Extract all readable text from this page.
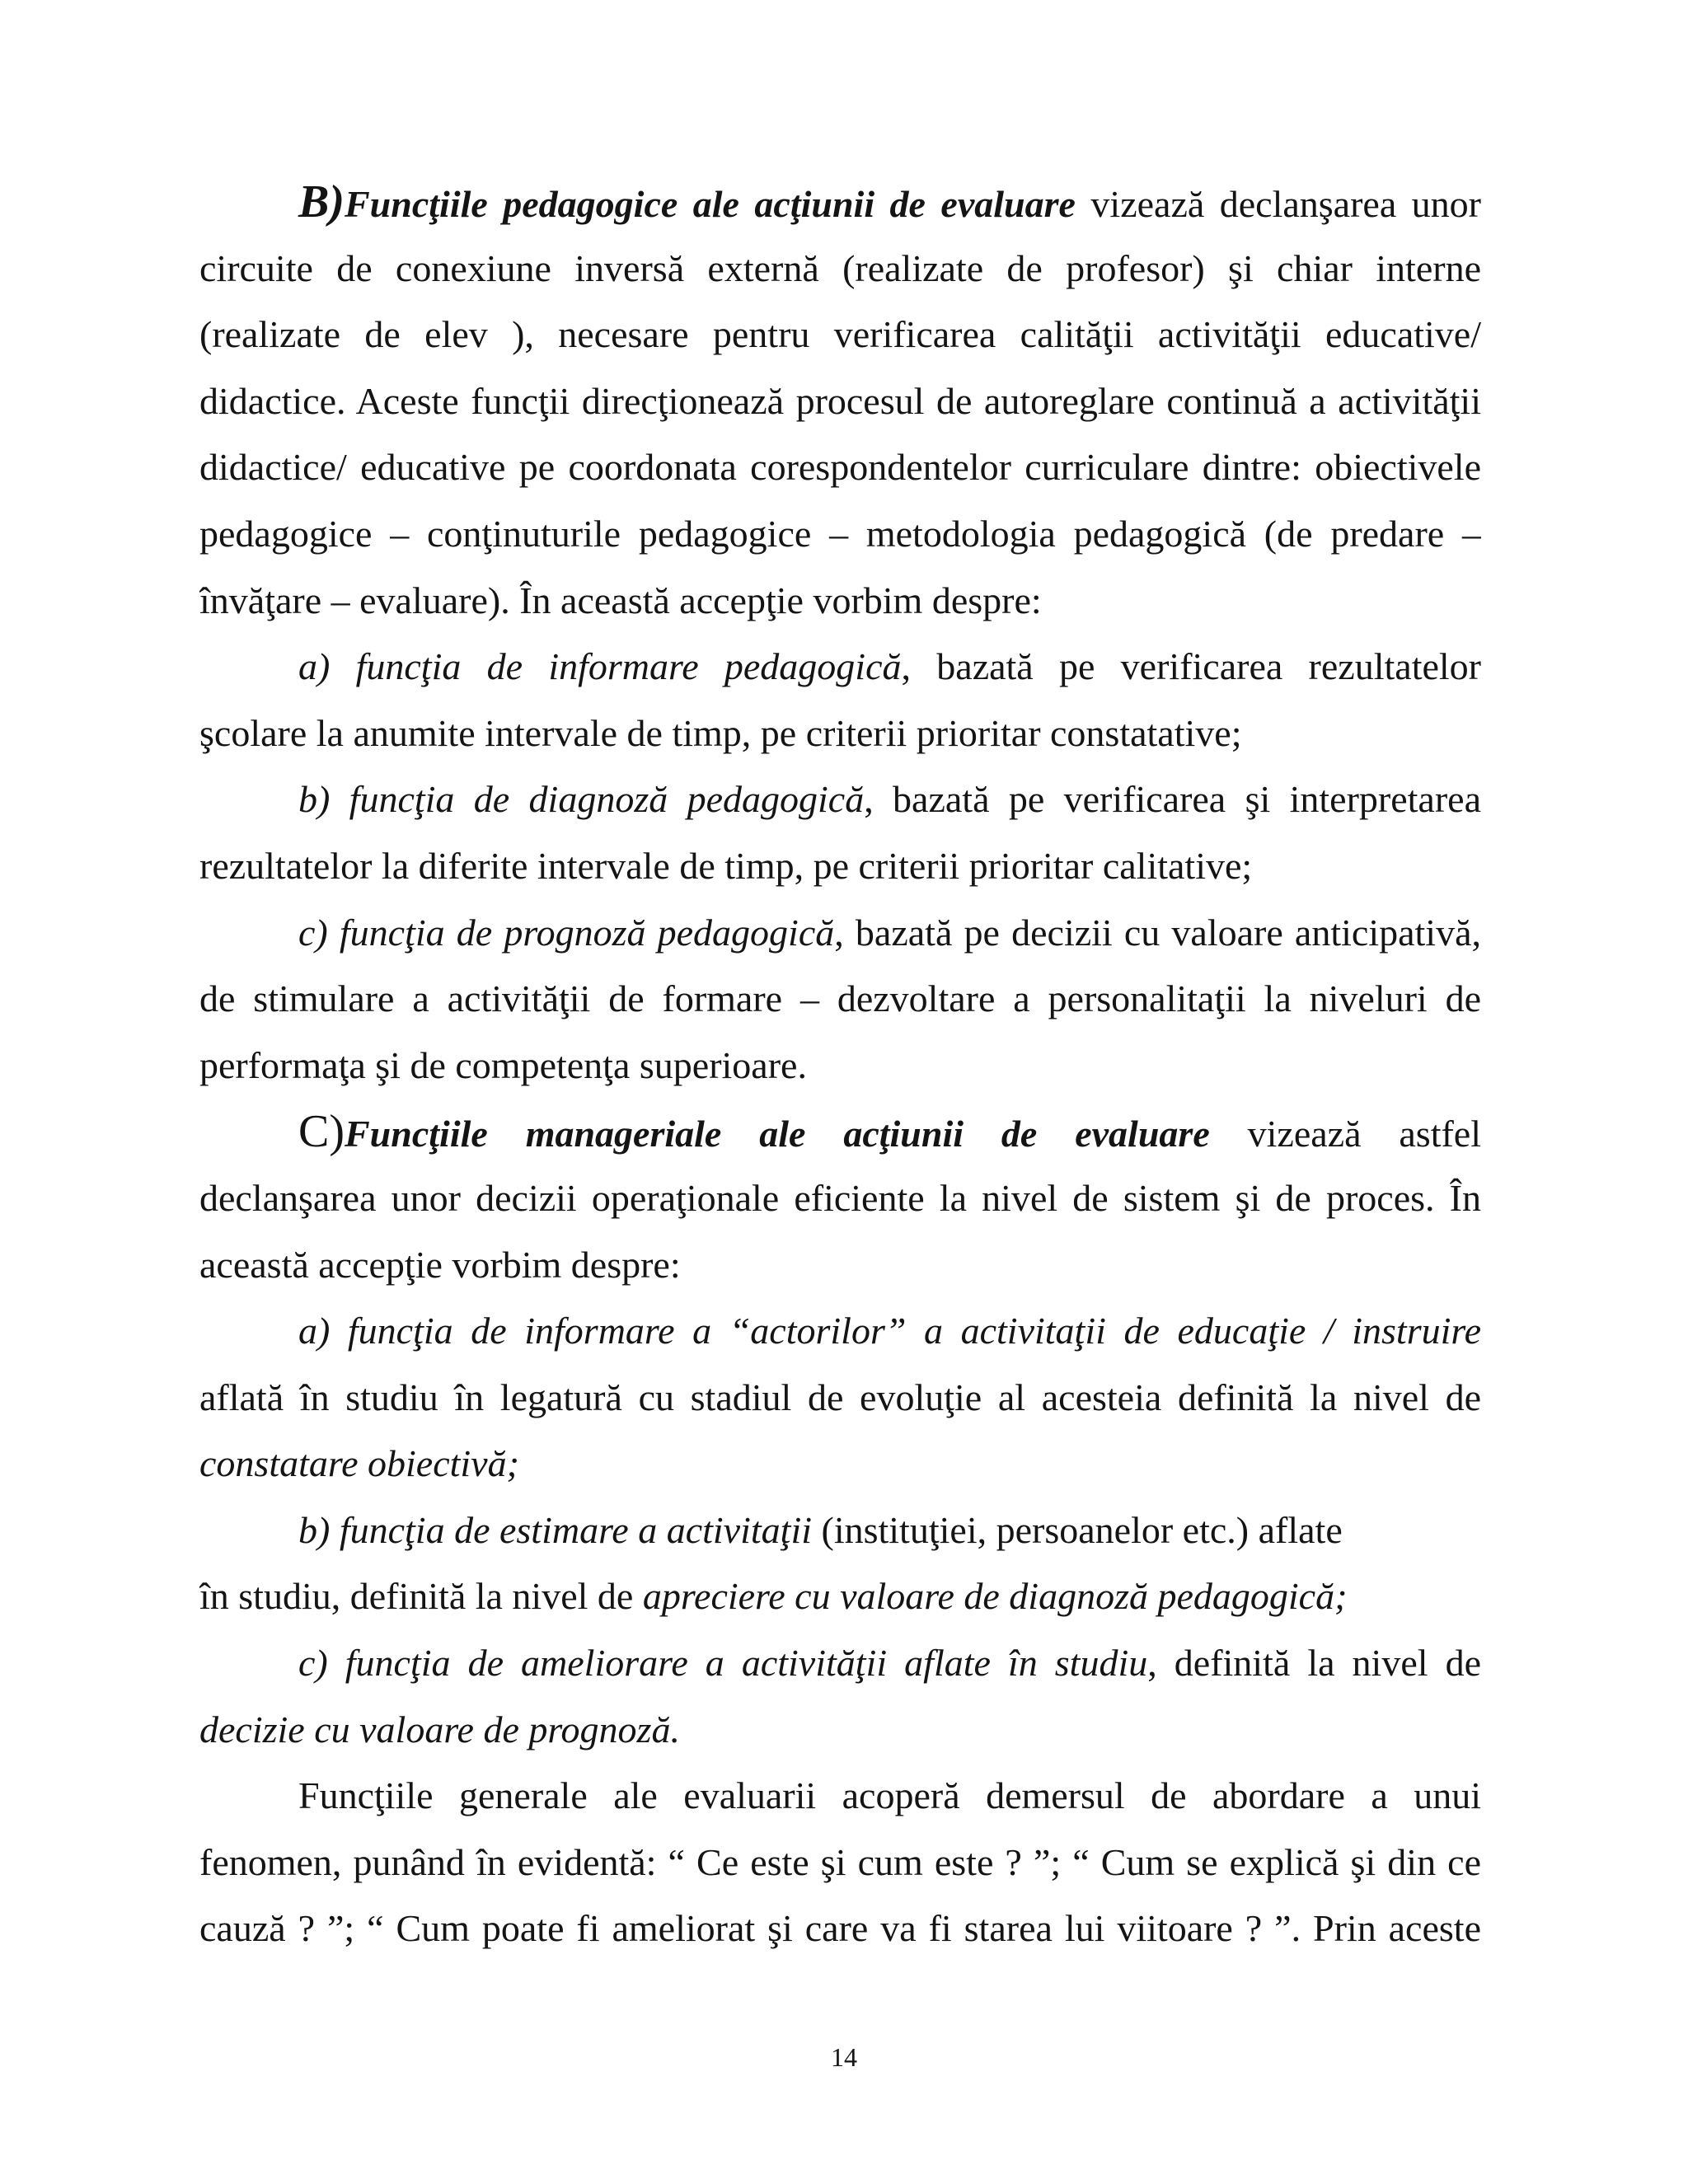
B)Funcţiile pedagogice ale acţiunii de evaluare vizează declanşarea unor
circuite de conexiune inversă externă (realizate de profesor) şi chiar interne
(realizate de elev ), necesare pentru verificarea calităţii activităţii educative/
didactice. Aceste funcţii direcţionează procesul de autoreglare continuă a activităţii
didactice/ educative pe coordonata corespondentelor curriculare dintre: obiectivele
pedagogice – conţinuturile pedagogice – metodologia pedagogică (de predare –
învăţare – evaluare). În această accepţie vorbim despre:
a) funcţia de informare pedagogică, bazată pe verificarea rezultatelor
şcolare la anumite intervale de timp, pe criterii prioritar constatative;
b) funcţia de diagnoză pedagogică, bazată pe verificarea şi interpretarea
rezultatelor la diferite intervale de timp, pe criterii prioritar calitative;
c) funcţia de prognoză pedagogică, bazată pe decizii cu valoare anticipativă,
de stimulare a activităţii de formare – dezvoltare a personalitaţii la niveluri de
performaţa şi de competenţa superioare.
C)Funcţiile manageriale ale acţiunii de evaluare vizează astfel
declanşarea unor decizii operaţionale eficiente la nivel de sistem şi de proces. În
această accepţie vorbim despre:
a) funcţia de informare a “actorilor” a activitaţii de educaţie / instruire
aflată în studiu în legatură cu stadiul de evoluţie al acesteia definită la nivel de
constatare obiectivă;
b) funcţia de estimare a activitaţii (instituţiei, persoanelor etc.) aflate
în studiu, definită la nivel de apreciere cu valoare de diagnoză pedagogică;
c) funcţia de ameliorare a activităţii aflate în studiu, definită la nivel de
decizie cu valoare de prognoză.
Funcţiile generale ale evaluarii acoperă demersul de abordare a unui
fenomen, punând în evidentă: “ Ce este şi cum este ? ”; “ Cum se explică şi din ce
cauză ? ”; “ Cum poate fi ameliorat şi care va fi starea lui viitoare ? ”. Prin aceste
14
